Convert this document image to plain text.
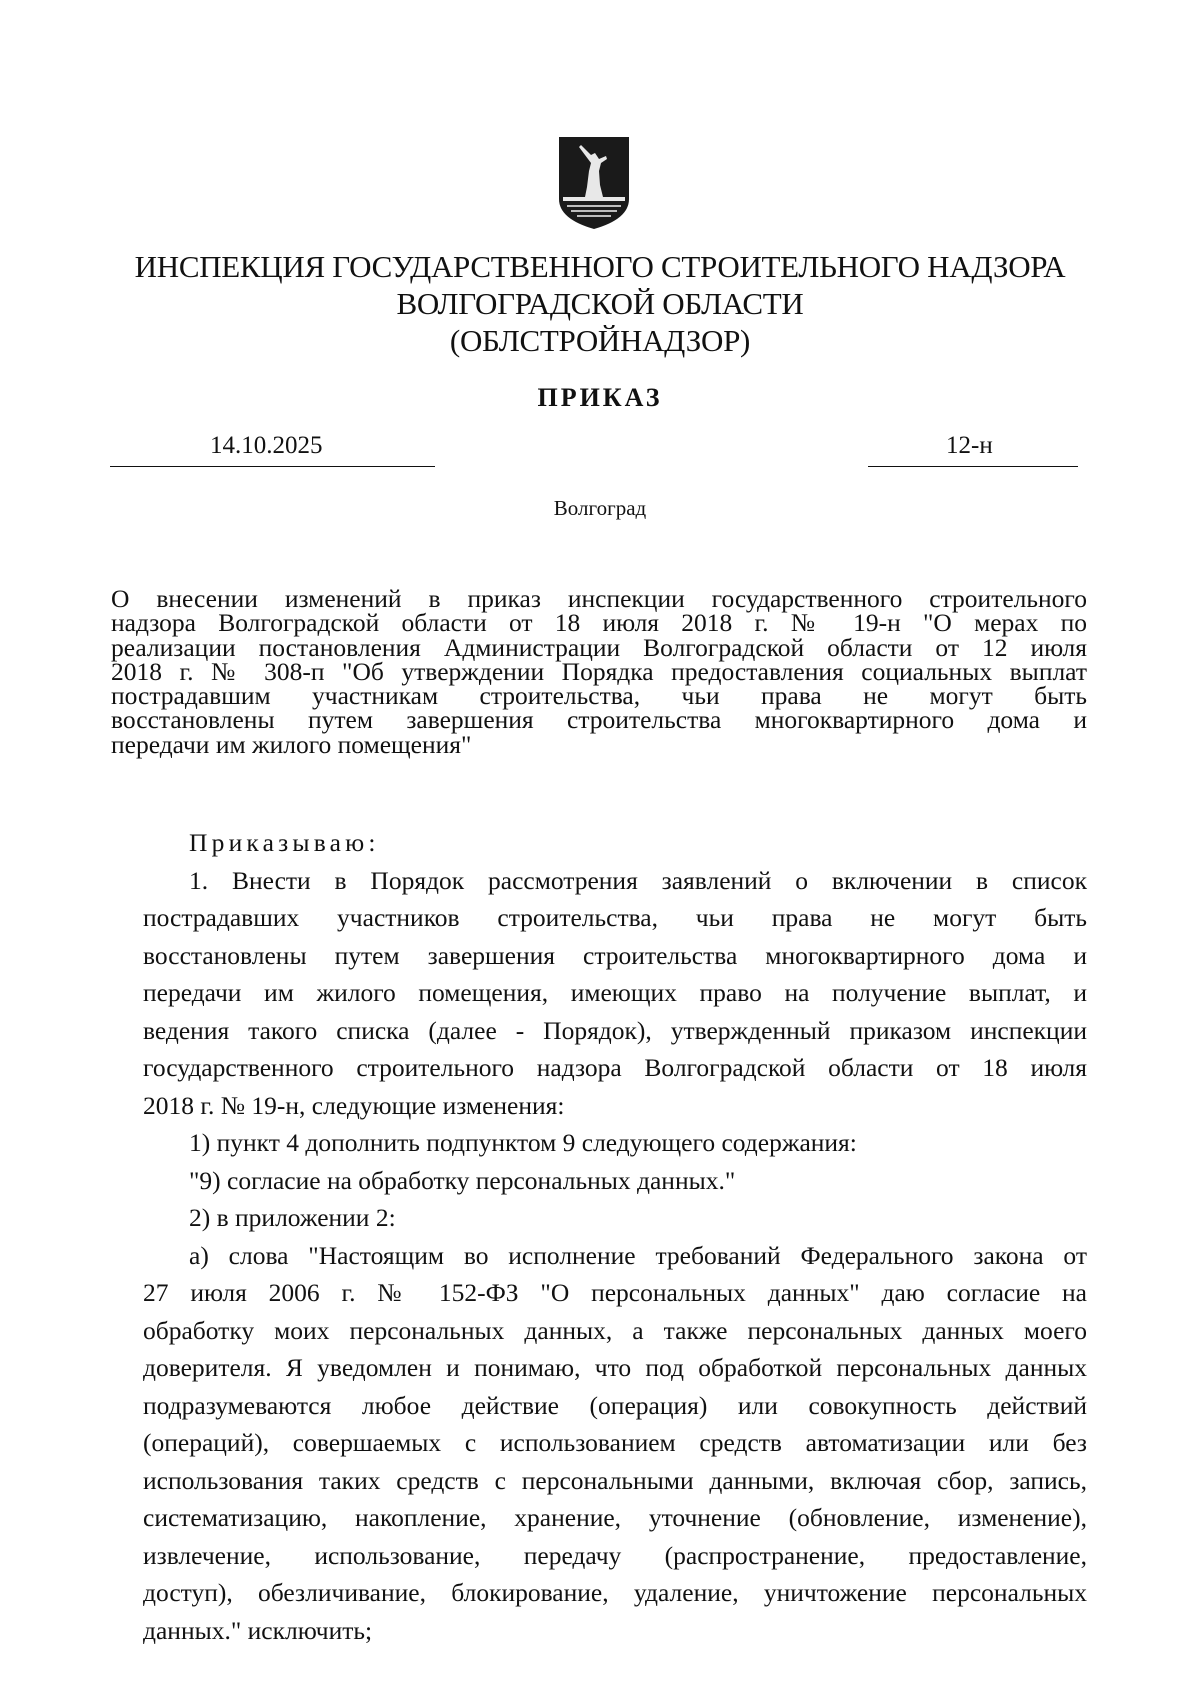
ИНСПЕКЦИЯ ГОСУДАРСТВЕННОГО СТРОИТЕЛЬНОГО НАДЗОРА
ВОЛГОГРАДСКОЙ ОБЛАСТИ
(ОБЛСТРОЙНАДЗОР)
ПРИКАЗ
14.10.2025	12-н
Волгоград
О внесении изменений в приказ инспекции государственного строительного
надзора Волгоградской области от 18 июля 2018 г. № 19-н "О мерах по
реализации постановления Администрации Волгоградской области от 12 июля
2018 г. № 308-п "Об утверждении Порядка предоставления социальных выплат
пострадавшим участникам строительства, чьи права не могут быть
восстановлены путем завершения строительства многоквартирного дома и
передачи им жилого помещения"
Приказываю:
1. Внести в Порядок рассмотрения заявлений о включении в список
пострадавших участников строительства, чьи права не могут быть
восстановлены путем завершения строительства многоквартирного дома и
передачи им жилого помещения, имеющих право на получение выплат, и
ведения такого списка (далее - Порядок), утвержденный приказом инспекции
государственного строительного надзора Волгоградской области от 18 июля
2018 г. № 19-н, следующие изменения:
1) пункт 4 дополнить подпунктом 9 следующего содержания:
"9) согласие на обработку персональных данных."
2) в приложении 2:
а) слова "Настоящим во исполнение требований Федерального закона от
27 июля 2006 г. № 152-ФЗ "О персональных данных" даю согласие на
обработку моих персональных данных, а также персональных данных моего
доверителя. Я уведомлен и понимаю, что под обработкой персональных данных
подразумеваются любое действие (операция) или совокупность действий
(операций), совершаемых с использованием средств автоматизации или без
использования таких средств с персональными данными, включая сбор, запись,
систематизацию, накопление, хранение, уточнение (обновление, изменение),
извлечение, использование, передачу (распространение, предоставление,
доступ), обезличивание, блокирование, удаление, уничтожение персональных
данных." исключить;
